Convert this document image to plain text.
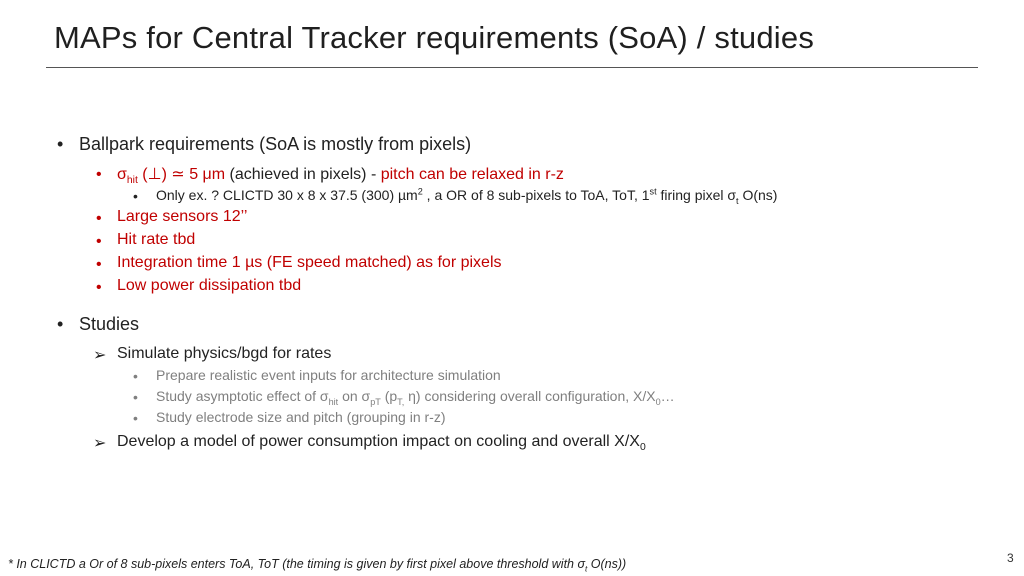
MAPs for Central Tracker requirements (SoA) / studies
• Ballpark requirements (SoA is mostly from pixels)
• $\sigma_{hit}$ (⊥) ≃ 5 μm (achieved in pixels) - pitch can be relaxed in r-z
• Only ex. ? CLICTD 30 x 8 x 37.5 (300) µm$^2$ , a OR of 8 sub-pixels to ToA, ToT, 1st firing pixel $\sigma_t$ O(ns)
• Large sensors 12’’
• Hit rate tbd
• Integration time 1 µs (FE speed matched) as for pixels
• Low power dissipation tbd
• Studies
➢ Simulate physics/bgd for rates
• Prepare realistic event inputs for architecture simulation
• Study asymptotic effect of $\sigma_{hit}$ on $\sigma_{pT}$ ($p_{T,}$ η) considering overall configuration, $X/X_0\dots$
• Study electrode size and pitch (grouping in r-z)
➢ Develop a model of power consumption impact on cooling and overall $X/X_0$
* In CLICTD a Or of 8 sub-pixels enters ToA, ToT (the timing is given by first pixel above threshold with $\sigma_t$ O(ns))	3
